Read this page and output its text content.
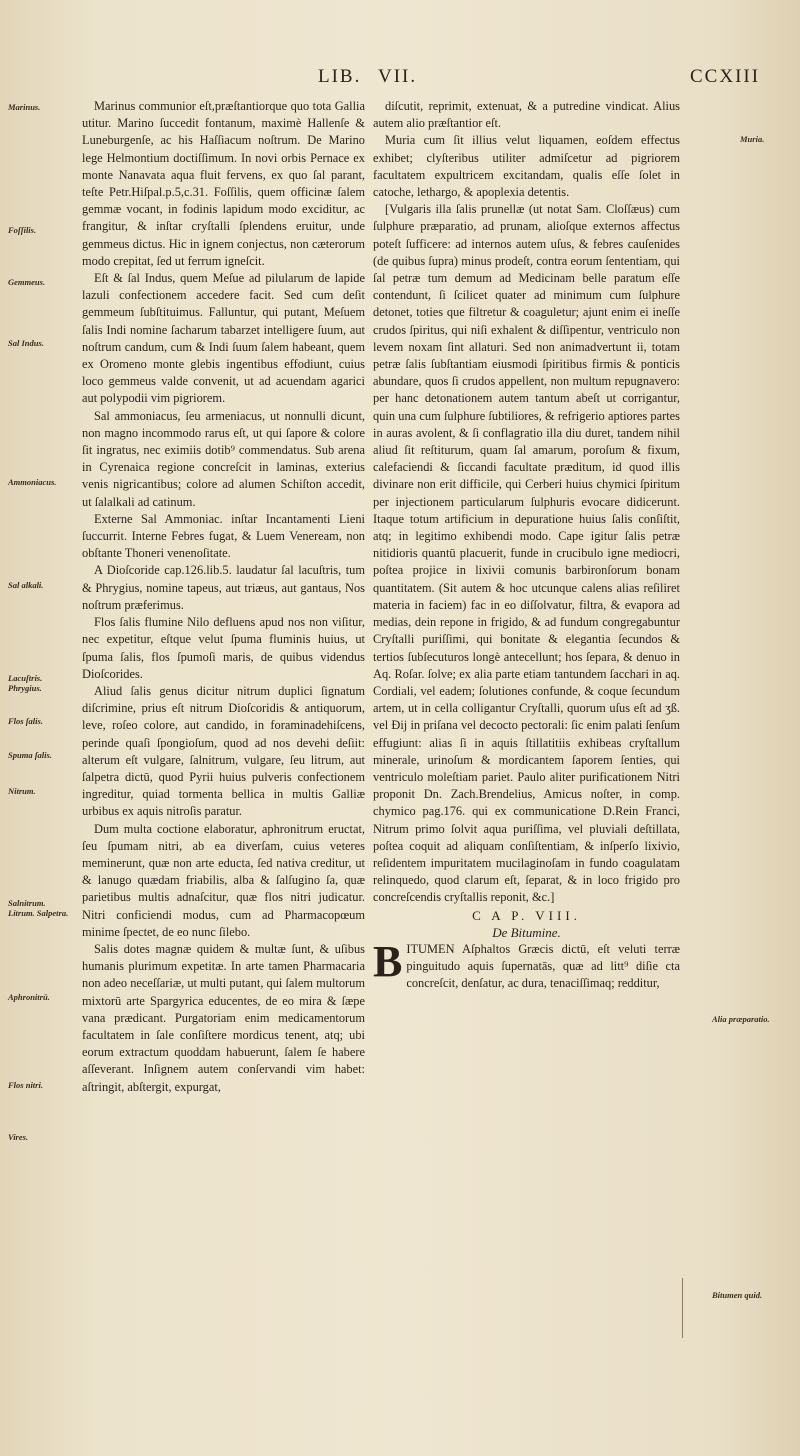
LIB. VII.	CCXIII
Marinus.
Foſſilis.
Gemmeus.
Sal Indus.
Ammoniacus.
Sal alkali.
Lacuſtris. Phrygius.
Flos ſalis.
Spuma ſalis.
Nitrum.
Salnitrum. Litrum. Salpetra.
Aphronitrū.
Flos nitri.
Vires.
Muria.
Alia præparatio.
Bitumen quid.

Marinus communior eſt,præſtantiorque quo tota Gallia utitur. Marino ſuccedit fontanum, maximè Hallenſe & Luneburgenſe, ac his Haſſiacum noſtrum. De Marino lege Helmontium doctiſſimum. In novi orbis Pernace ex monte Nanavata aqua fluit fervens, ex quo ſal parant, teſte Petr.Hiſpal.p.5,c.31. Foſſilis, quem officinæ ſalem gemmæ vocant, in fodinis lapidum modo exciditur, ac frangitur, & inſtar cryſtalli ſplendens eruitur, unde gemmeus dictus. Hic in ignem conjectus, non cæterorum modo crepitat, ſed ut ferrum igneſcit.

Eſt & ſal Indus, quem Meſue ad pilularum de lapide lazuli confectionem accedere facit. Sed cum deſit gemmeum ſubſtituimus. Falluntur, qui putant, Meſuem ſalis Indi nomine ſacharum tabarzet intelligere ſuum, aut noſtrum candum, cum & Indi ſuum ſalem habeant, quem ex Oromeno monte glebis ingentibus effodiunt, cuius loco gemmeus valde convenit, ut ad acuendam agarici aut polypodii vim pigriorem.

Sal ammoniacus, ſeu armeniacus, ut nonnulli dicunt, non magno incommodo rarus eſt, ut qui ſapore & colore ſit ingratus, nec eximiis dotib⁹ commendatus. Sub arena in Cyrenaica regione concreſcit in laminas, exterius venis nigricantibus; colore ad alumen Schiſton accedit, ut ſalalkali ad catinum.

Externe Sal Ammoniac. inſtar Incantamenti Lieni ſuccurrit. Interne Febres fugat, & Luem Veneream, non obſtante Thoneri venenoſitate.

A Dioſcoride cap.126.lib.5. laudatur ſal lacuſtris, tum & Phrygius, nomine tapeus, aut triæus, aut gantaus, Nos noſtrum præferimus.

Flos ſalis flumine Nilo defluens apud nos non viſitur, nec expetitur, eſtque velut ſpuma fluminis huius, ut ſpuma ſalis, flos ſpumoſi maris, de quibus videndus Dioſcorides.

Aliud ſalis genus dicitur nitrum duplici ſignatum diſcrimine, prius eſt nitrum Dioſcoridis & antiquorum, leve, roſeo colore, aut candido, in foraminadehiſcens, perinde quaſi ſpongioſum, quod ad nos devehi deſiit: alterum eſt vulgare, ſalnitrum, vulgare, ſeu litrum, aut ſalpetra dictū, quod Pyrii huius pulveris confectionem ingreditur, quiad tormenta bellica in multis Galliæ urbibus ex aquis nitroſis paratur.

Dum multa coctione elaboratur, aphronitrum eructat, ſeu ſpumam nitri, ab ea diverſam, cuius veteres meminerunt, quæ non arte educta, ſed nativa creditur, ut & lanugo quædam friabilis, alba & ſalſugino ſa, quæ parietibus multis adnaſcitur, quæ flos nitri judicatur. Nitri conficiendi modus, cum ad Pharmacopœum minime ſpectet, de eo nunc ſilebo.

Salis dotes magnæ quidem & multæ ſunt, & uſibus humanis plurimum expetitæ. In arte tamen Pharmacaria non adeo neceſſariæ, ut multi putant, qui ſalem multorum mixtorū arte Spargyrica educentes, de eo mira & ſæpe vana prædicant. Purgatoriam enim medicamentorum facultatem in ſale conſiſtere mordicus tenent, atq; ubi eorum extractum quoddam habuerunt, ſalem ſe habere aſſeverant. Inſignem autem conſervandi vim habet: aſtringit, abſtergit, expurgat,

diſcutit, reprimit, extenuat, & a putredine vindicat. Alius autem alio præſtantior eſt.

Muria cum ſit illius velut liquamen, eoſdem effectus exhibet; clyſteribus utiliter admiſcetur ad pigriorem facultatem expultricem excitandam, qualis eſſe ſolet in catoche, lethargo, & apoplexia detentis.

[Vulgaris illa ſalis prunellæ (ut notat Sam. Cloſſæus) cum ſulphure præparatio, ad prunam, alioſque externos affectus poteſt ſufficere: ad internos autem uſus, & febres cauſenides (de quibus ſupra) minus prodeſt, contra eorum ſententiam, qui ſal petræ tum demum ad Medicinam belle paratum eſſe contendunt, ſi ſcilicet quater ad minimum cum ſulphure detonet, toties que filtretur & coaguletur; ajunt enim ei ineſſe crudos ſpiritus, qui niſi exhalent & diſſipentur, ventriculo non levem noxam ſint allaturi. Sed non animadvertunt ii, totam petræ ſalis ſubſtantiam eiusmodi ſpiritibus firmis & ponticis abundare, quos ſi crudos appellent, non multum repugnavero: per hanc detonationem autem tantum abeſt ut corrigantur, quin una cum ſulphure ſubtiliores, & refrigerio aptiores partes in auras avolent, & ſi conflagratio illa diu duret, tandem nihil aliud ſit reſtiturum, quam ſal amarum, poroſum & fixum, calefaciendi & ſiccandi facultate præditum, id quod illis divinare non erit difficile, qui Cerberi huius chymici ſpiritum per injectionem particularum ſulphuris evocare didicerunt. Itaque totum artificium in depuratione huius ſalis conſiſtit, atq; in legitimo exhibendi modo. Cape igitur ſalis petræ nitidioris quantū placuerit, funde in crucibulo igne mediocri, poſtea projice in lixivii comunis barbironſorum bonam quantitatem. (Sit autem & hoc utcunque calens alias reſiliret materia in faciem) fac in eo diſſolvatur, filtra, & evapora ad medias, dein repone in frigido, & ad fundum congregabuntur Cryſtalli puriſſimi, qui bonitate & elegantia ſecundos & tertios ſubſecuturos longè antecellunt; hos ſepara, & denuo in Aq. Roſar. ſolve; ex alia parte etiam tantundem ſacchari in aq. Cordiali, vel eadem; ſolutiones confunde, & coque ſecundum artem, ut in cella colligantur Cryſtalli, quorum uſus eſt ad ʒß. vel Ɖij in priſana vel decocto pectorali: ſic enim palati ſenſum effugiunt: alias ſi in aquis ſtillatitiis exhibeas cryſtallum minerale, urinoſum & mordicantem ſaporem ſenties, qui ventriculo moleſtiam pariet. Paulo aliter purificationem Nitri proponit Dn. Zach.Brendelius, Amicus noſter, in comp. chymico pag.176. qui ex communicatione D.Rein Franci, Nitrum primo ſolvit aqua puriſſima, vel pluviali deſtillata, poſtea coquit ad aliquam conſiſtentiam, & inſperſo lixivio, reſidentem impuritatem mucilaginoſam in fundo coagulatam relinquedo, quod clarum eſt, ſeparat, & in loco frigido pro concreſcendis cryſtallis reponit, &c.]

C A P. VIII.

De Bitumine.

BITUMEN Aſphaltos Græcis dictū, eſt veluti terræ pinguitudo aquis ſupernatās, quæ ad litt⁹ diſie cta concreſcit, denſatur, ac dura, tenaciſſimaq; redditur,
